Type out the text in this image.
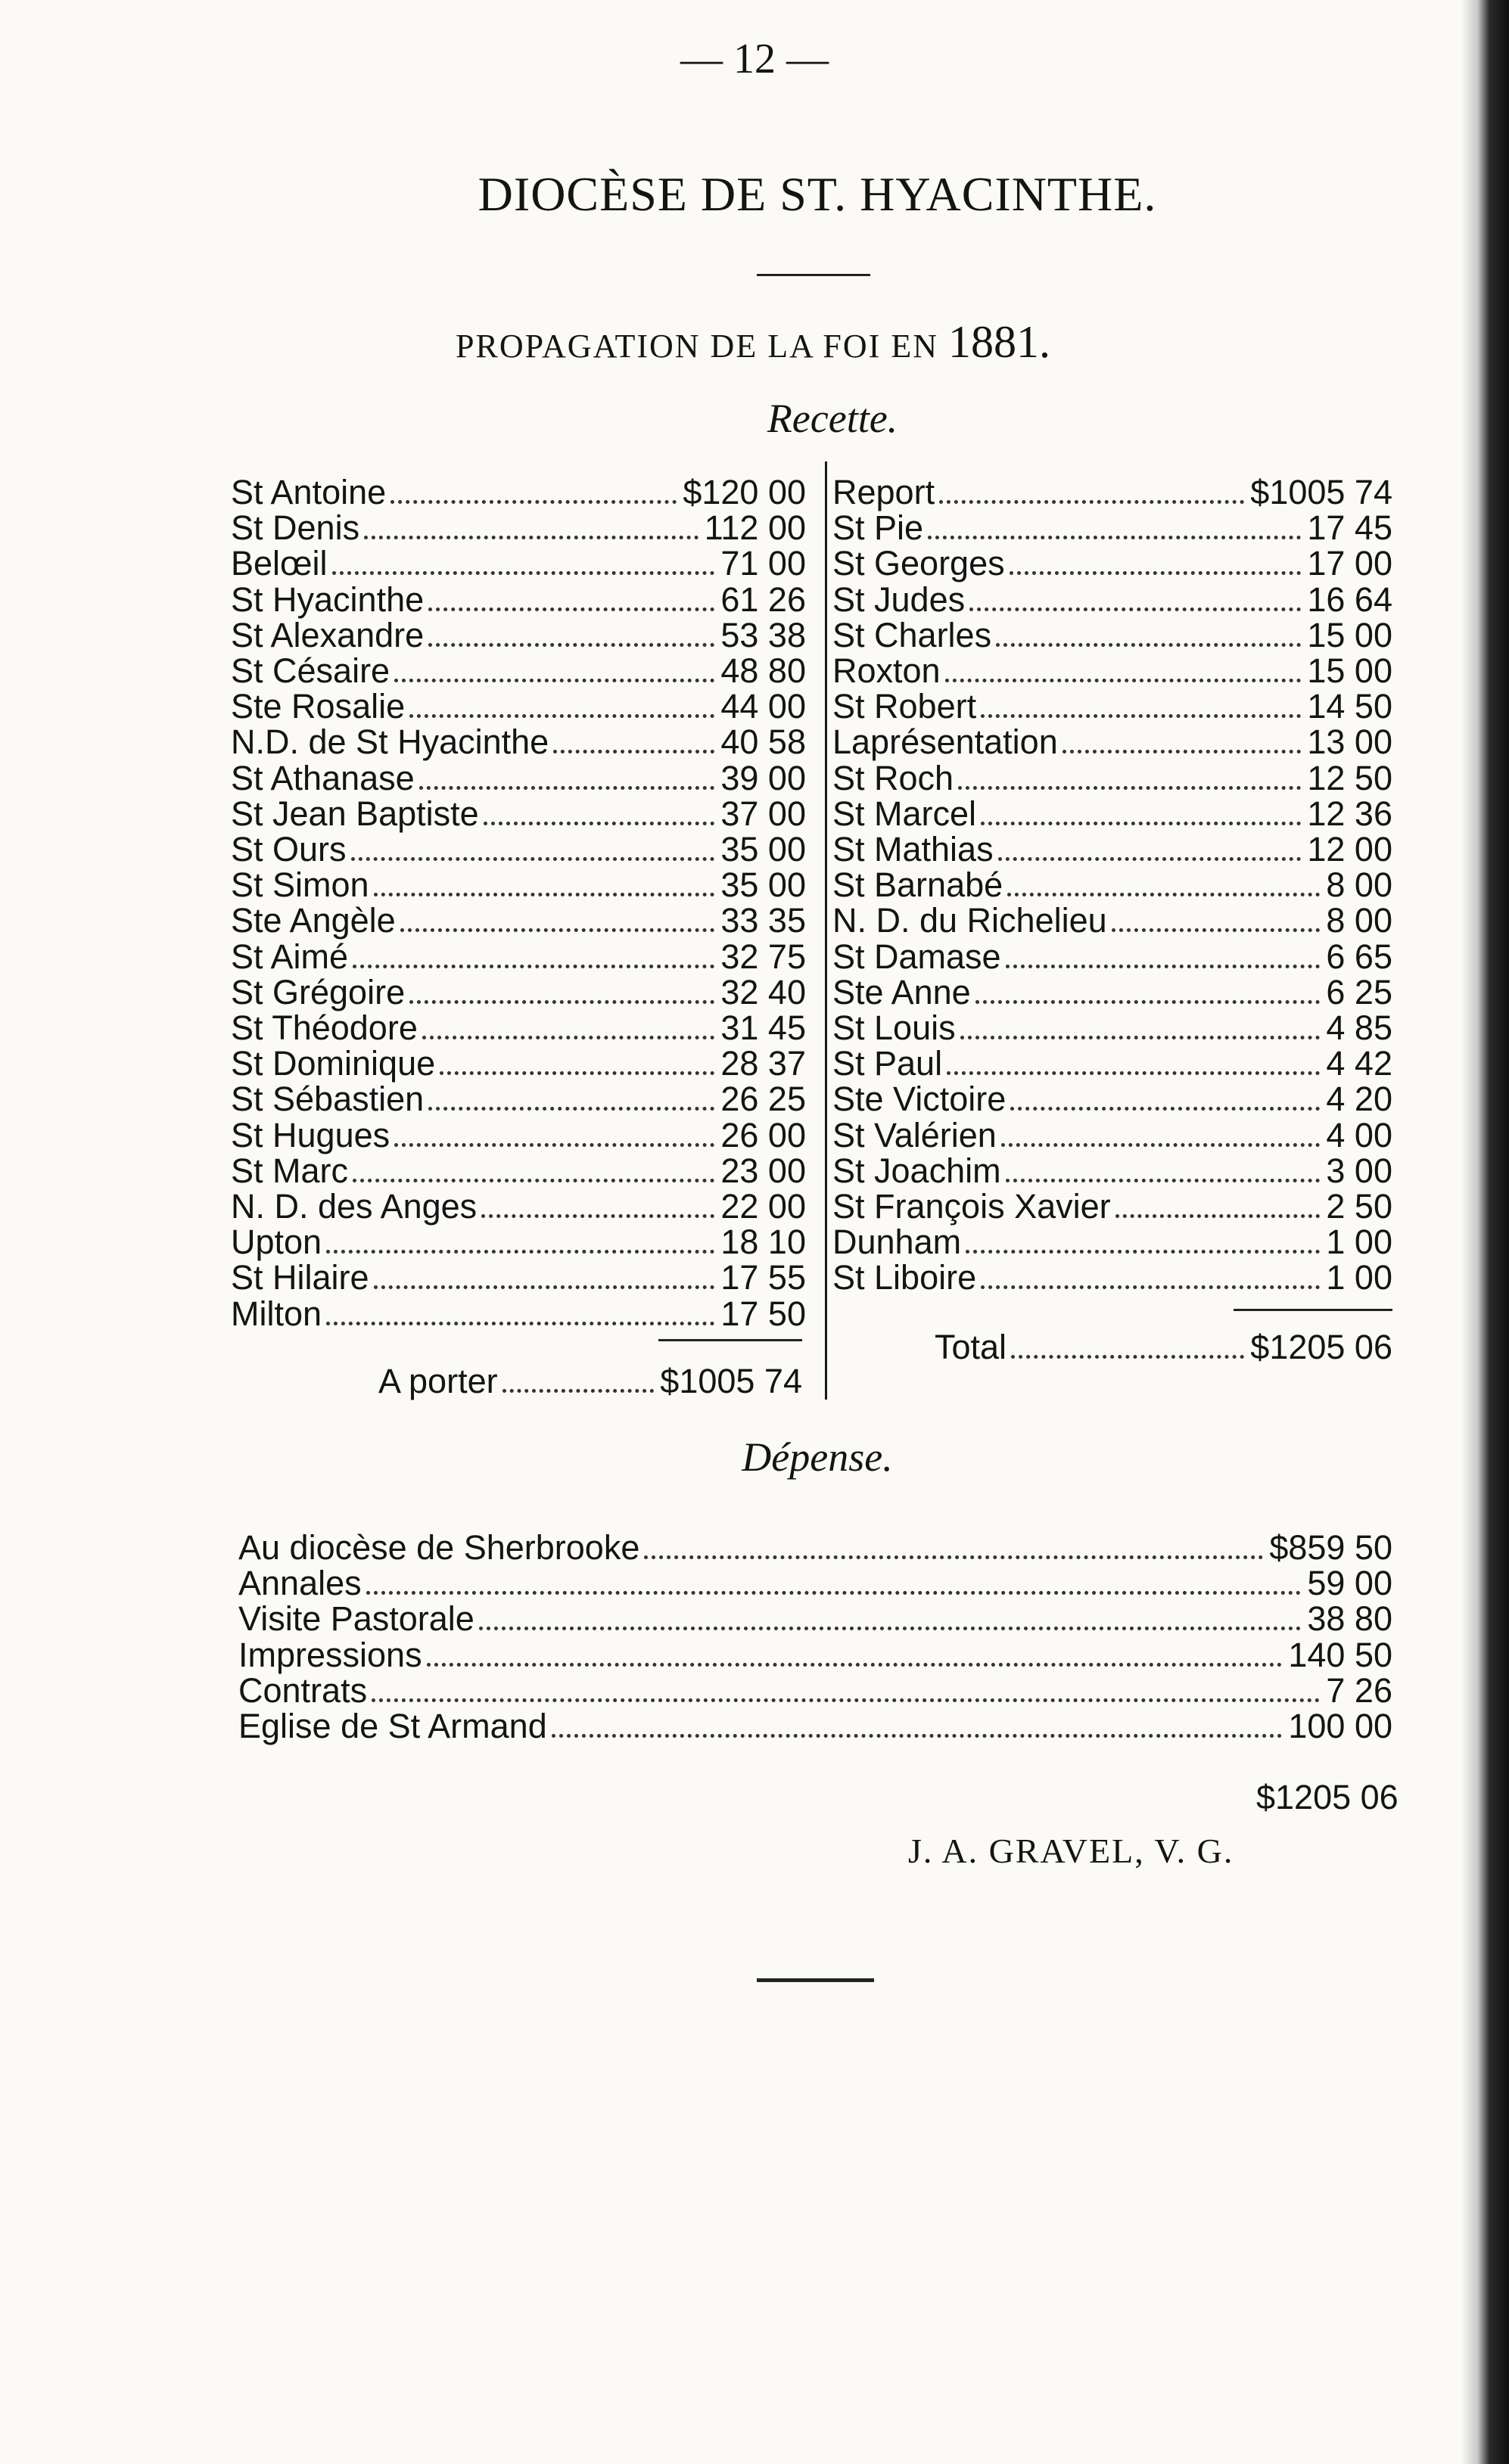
— 12 —
DIOCÈSE DE ST. HYACINTHE.
PROPAGATION DE LA FOI EN 1881.
Recette.
St Antoine	$120 00
St Denis	112 00
Belœil	71 00
St Hyacinthe	61 26
St Alexandre	53 38
St Césaire	48 80
Ste Rosalie	44 00
N.D. de St Hyacinthe	40 58
St Athanase	39 00
St Jean Baptiste	37 00
St Ours	35 00
St Simon	35 00
Ste Angèle	33 35
St Aimé	32 75
St Grégoire	32 40
St Théodore	31 45
St Dominique	28 37
St Sébastien	26 25
St Hugues	26 00
St Marc	23 00
N. D. des Anges	22 00
Upton	18 10
St Hilaire	17 55
Milton	17 50
Report	$1005 74
St Pie	17 45
St Georges	17 00
St Judes	16 64
St Charles	15 00
Roxton	15 00
St Robert	14 50
Laprésentation	13 00
St Roch	12 50
St Marcel	12 36
St Mathias	12 00
St Barnabé	8 00
N. D. du Richelieu	8 00
St Damase	6 65
Ste Anne	6 25
St Louis	4 85
St Paul	4 42
Ste Victoire	4 20
St Valérien	4 00
St Joachim	3 00
St François Xavier	2 50
Dunham	1 00
St Liboire	1 00
A porter	$1005 74
Total	$1205 06
Dépense.
Au diocèse de Sherbrooke	$859 50
Annales	59 00
Visite Pastorale	38 80
Impressions	140 50
Contrats	7 26
Eglise de St Armand	100 00
$1205 06
J. A. GRAVEL, V. G.
